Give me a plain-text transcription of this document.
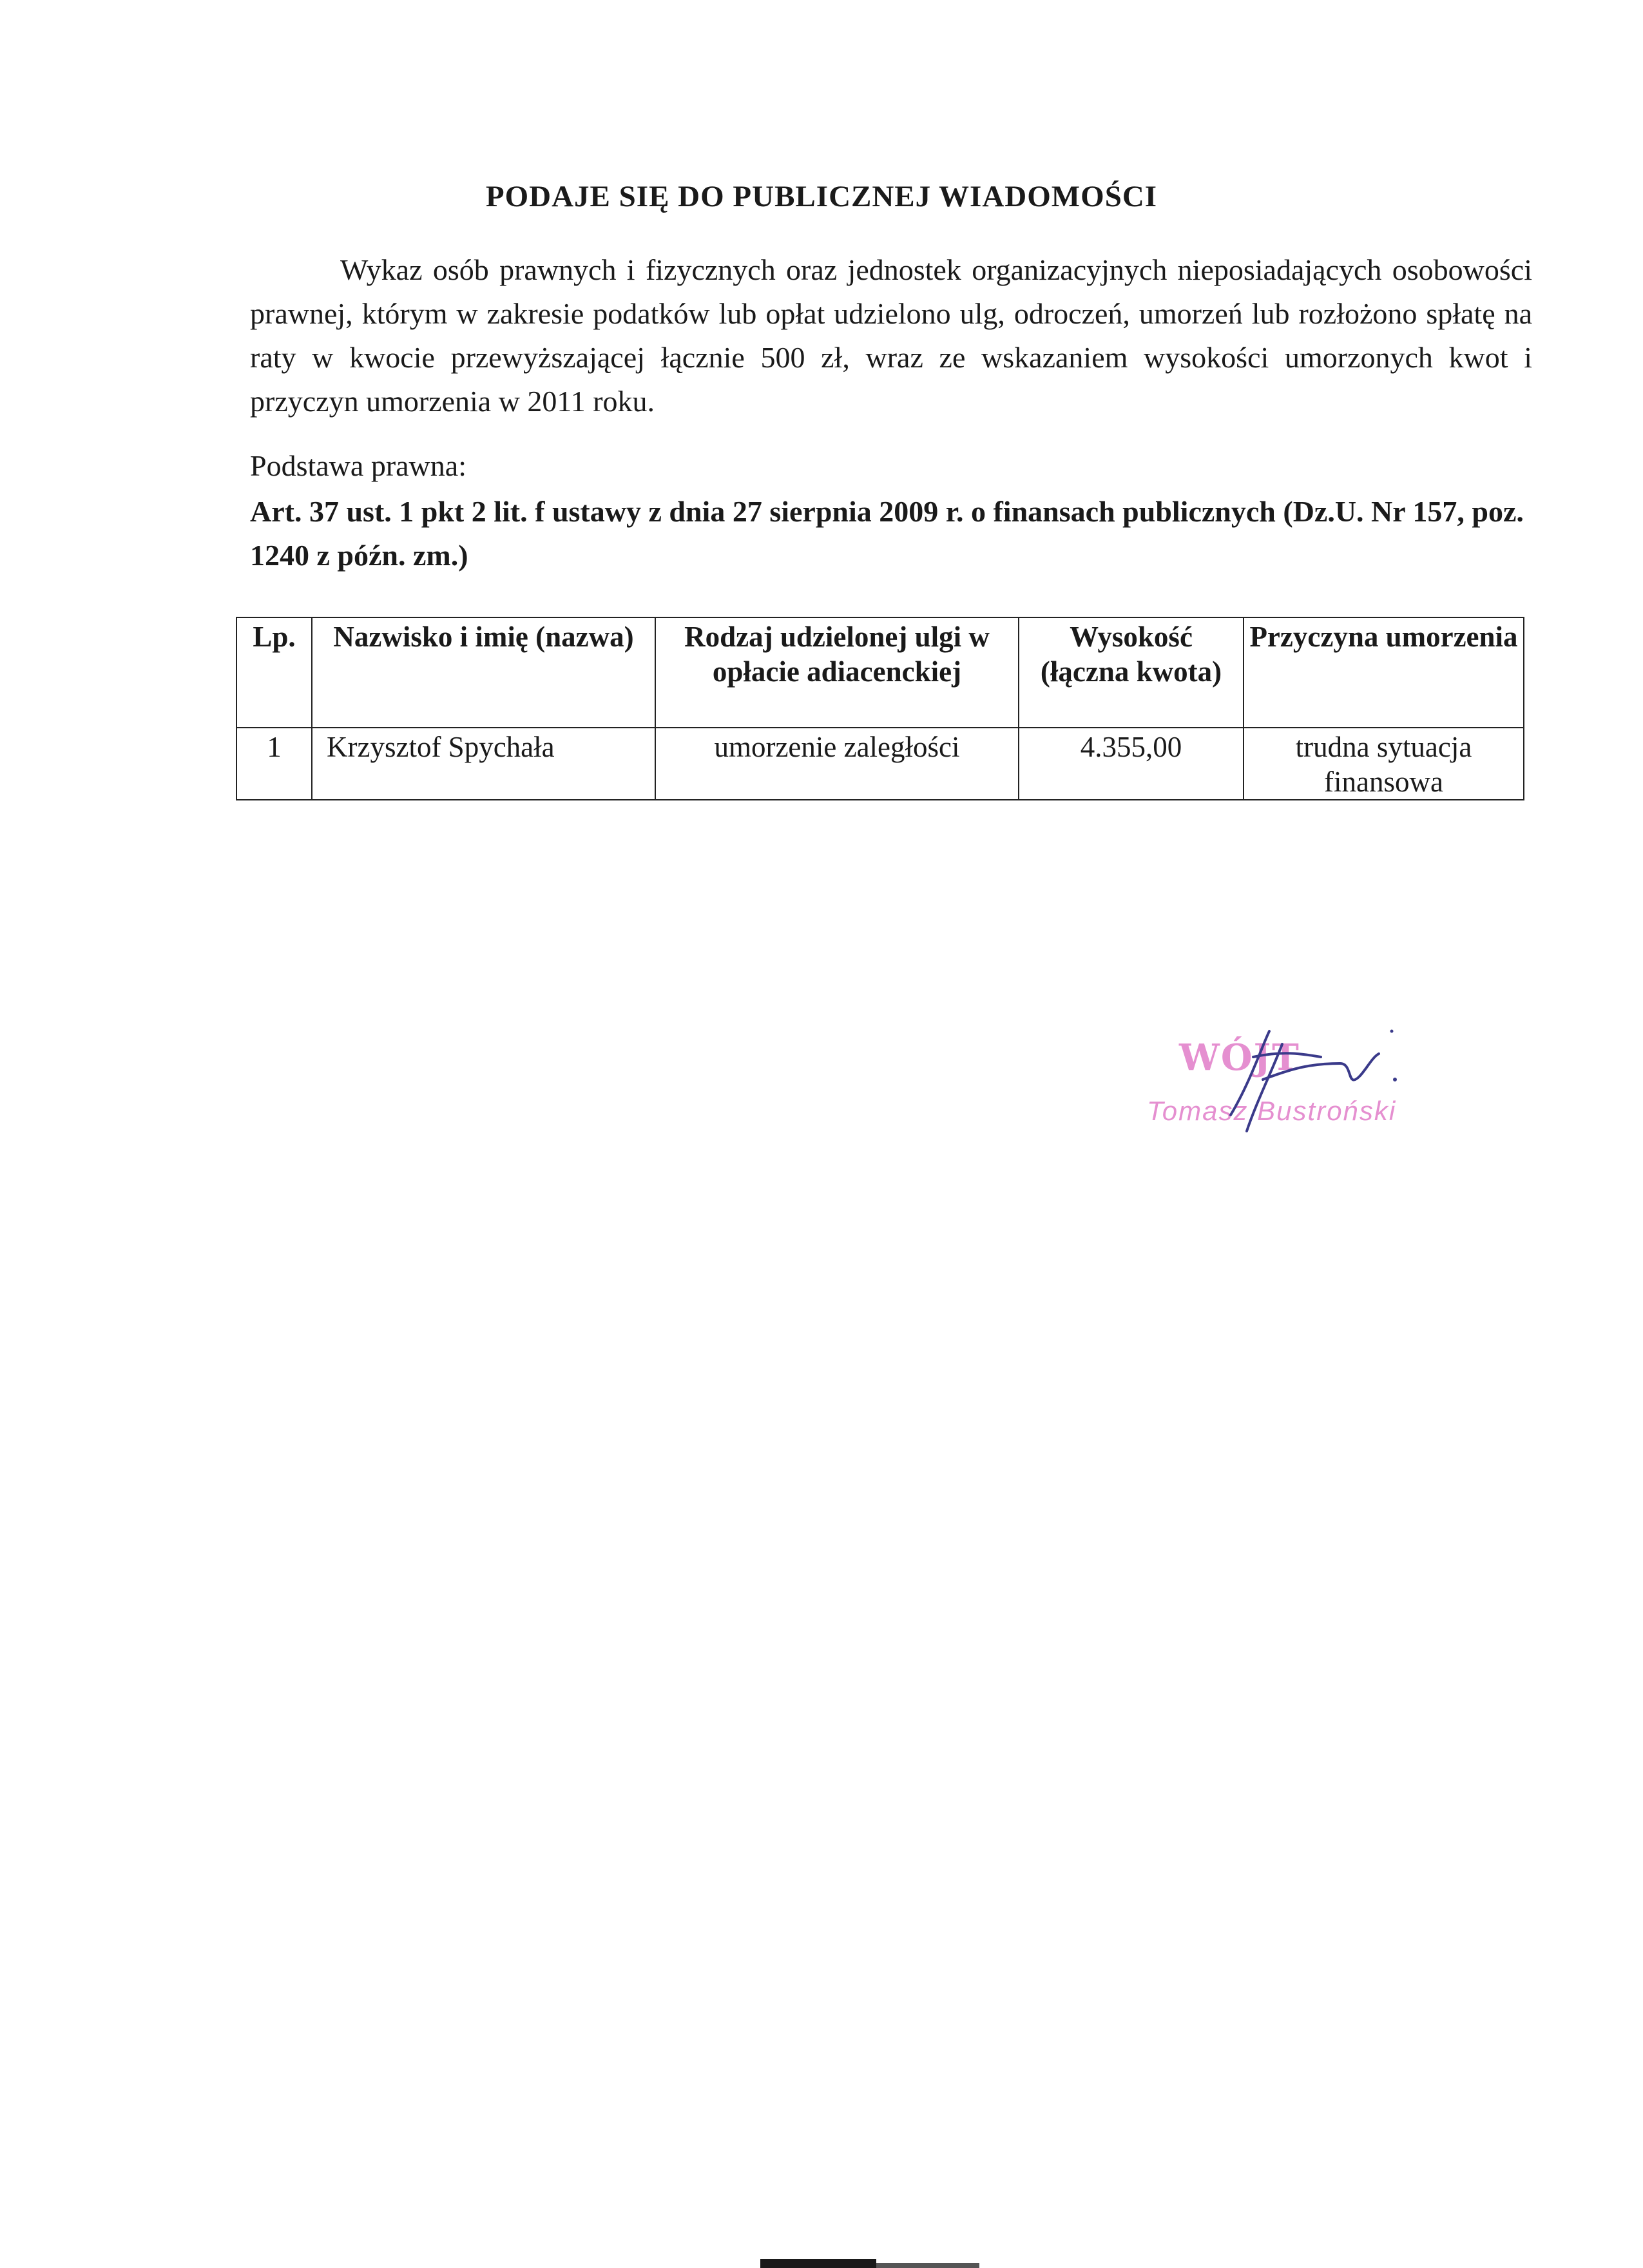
PODAJE SIĘ DO PUBLICZNEJ WIADOMOŚCI
Wykaz osób prawnych i fizycznych oraz jednostek organizacyjnych nieposiadających osobowości prawnej, którym w zakresie podatków lub opłat udzielono ulg, odroczeń, umorzeń lub rozłożono spłatę na raty w kwocie przewyższającej łącznie 500 zł, wraz ze wskazaniem wysokości umorzonych kwot i przyczyn umorzenia w 2011 roku.
Podstawa prawna:
Art. 37 ust. 1 pkt 2 lit. f ustawy z dnia 27 sierpnia 2009 r. o finansach publicznych (Dz.U. Nr 157, poz. 1240 z późn. zm.)
Lp.	Nazwisko i imię (nazwa)	Rodzaj udzielonej ulgi w opłacie adiacenckiej	Wysokość (łączna kwota)	Przyczyna umorzenia
1	Krzysztof Spychała	umorzenie zaległości	4.355,00	trudna sytuacja finansowa
WÓJT
Tomasz Bustroński
